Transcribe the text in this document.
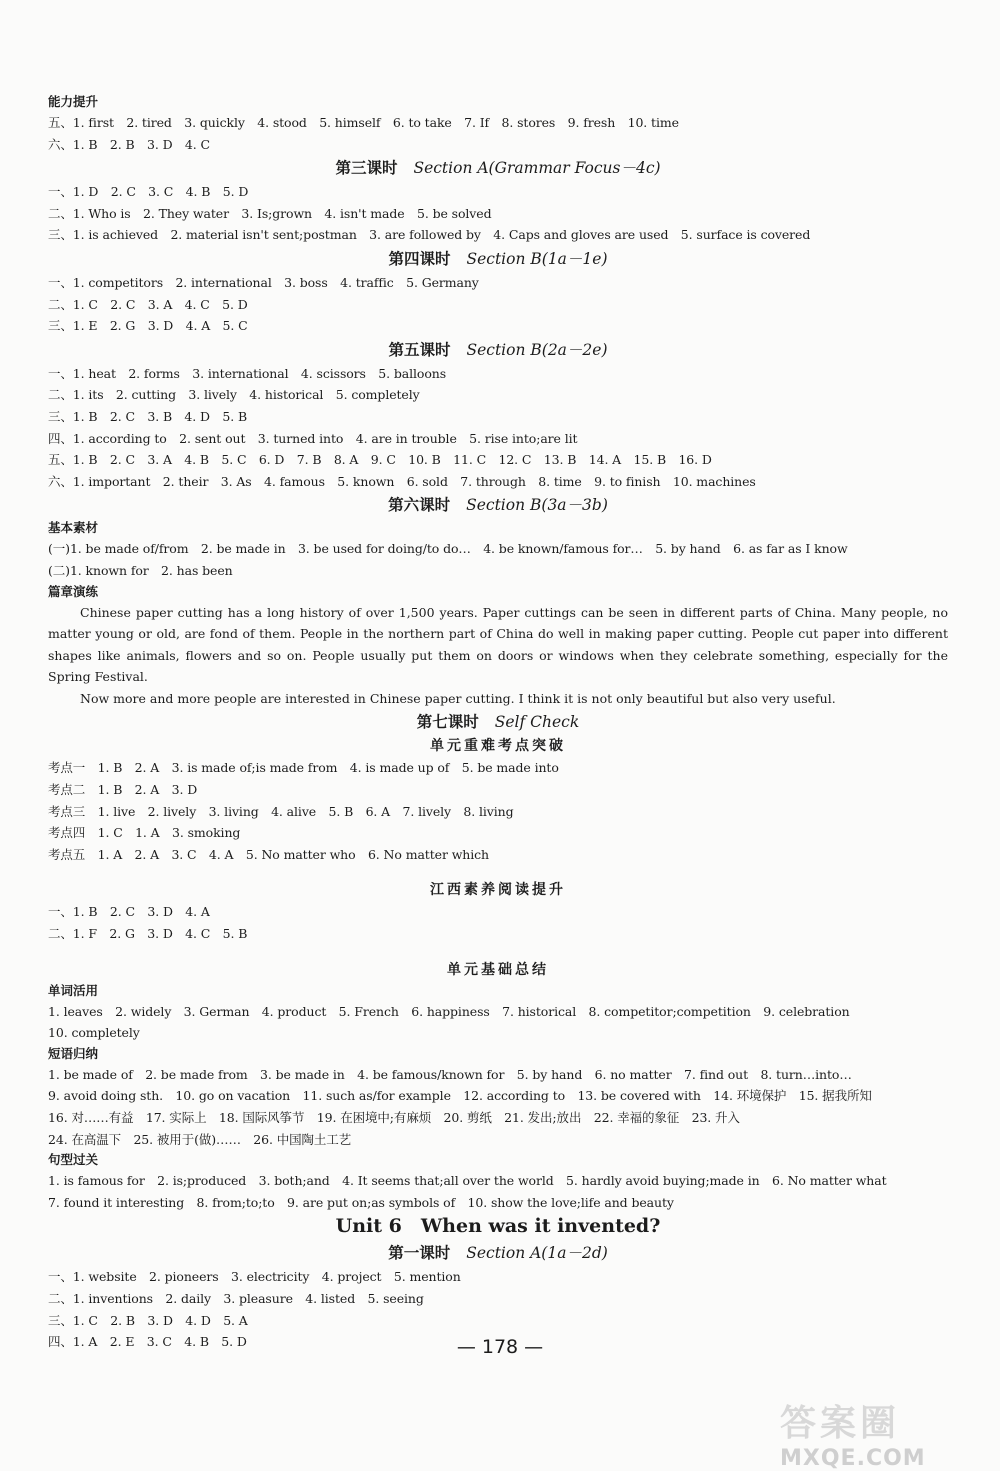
能力提升
五、1. first　2. tired　3. quickly　4. stood　5. himself　6. to take　7. If　8. stores　9. fresh　10. time
六、1. B　2. B　3. D　4. C
第三课时 Section A(Grammar Focus－4c)
一、1. D　2. C　3. C　4. B　5. D
二、1. Who is　2. They water　3. Is;grown　4. isn't made　5. be solved
三、1. is achieved　2. material isn't sent;postman　3. are followed by　4. Caps and gloves are used　5. surface is covered
第四课时 Section B(1a－1e)
一、1. competitors　2. international　3. boss　4. traffic　5. Germany
二、1. C　2. C　3. A　4. C　5. D
三、1. E　2. G　3. D　4. A　5. C
第五课时 Section B(2a－2e)
一、1. heat　2. forms　3. international　4. scissors　5. balloons
二、1. its　2. cutting　3. lively　4. historical　5. completely
三、1. B　2. C　3. B　4. D　5. B
四、1. according to　2. sent out　3. turned into　4. are in trouble　5. rise into;are lit
五、1. B　2. C　3. A　4. B　5. C　6. D　7. B　8. A　9. C　10. B　11. C　12. C　13. B　14. A　15. B　16. D
六、1. important　2. their　3. As　4. famous　5. known　6. sold　7. through　8. time　9. to finish　10. machines
第六课时 Section B(3a－3b)
基本素材
(一)1. be made of/from　2. be made in　3. be used for doing/to do…　4. be known/famous for…　5. by hand　6. as far as I know
(二)1. known for　2. has been
篇章演练
Chinese paper cutting has a long history of over 1,500 years. Paper cuttings can be seen in different parts of China. Many people, no matter young or old, are fond of them. People in the northern part of China do well in making paper cutting. People cut paper into different shapes like animals, flowers and so on. People usually put them on doors or windows when they celebrate something, especially for the Spring Festival.
Now more and more people are interested in Chinese paper cutting. I think it is not only beautiful but also very useful.
第七课时 Self Check
单元重难考点突破
考点一　1. B　2. A　3. is made of;is made from　4. is made up of　5. be made into
考点二　1. B　2. A　3. D
考点三　1. live　2. lively　3. living　4. alive　5. B　6. A　7. lively　8. living
考点四　1. C　1. A　3. smoking
考点五　1. A　2. A　3. C　4. A　5. No matter who　6. No matter which
江西素养阅读提升
一、1. B　2. C　3. D　4. A
二、1. F　2. G　3. D　4. C　5. B
单元基础总结
单词活用
1. leaves　2. widely　3. German　4. product　5. French　6. happiness　7. historical　8. competitor;competition　9. celebration
10. completely
短语归纳
1. be made of　2. be made from　3. be made in　4. be famous/known for　5. by hand　6. no matter　7. find out　8. turn…into…
9. avoid doing sth.　10. go on vacation　11. such as/for example　12. according to　13. be covered with　14. 环境保护　15. 据我所知
16. 对……有益　17. 实际上　18. 国际风筝节　19. 在困境中;有麻烦　20. 剪纸　21. 发出;放出　22. 幸福的象征　23. 升入
24. 在高温下　25. 被用于(做)……　26. 中国陶土工艺
句型过关
1. is famous for　2. is;produced　3. both;and　4. It seems that;all over the world　5. hardly avoid buying;made in　6. No matter what
7. found it interesting　8. from;to;to　9. are put on;as symbols of　10. show the love;life and beauty
Unit 6　When was it invented?
第一课时 Section A(1a－2d)
一、1. website　2. pioneers　3. electricity　4. project　5. mention
二、1. inventions　2. daily　3. pleasure　4. listed　5. seeing
三、1. C　2. B　3. D　4. D　5. A
四、1. A　2. E　3. C　4. B　5. D	— 178 —
答案圈
MXQE.COM
